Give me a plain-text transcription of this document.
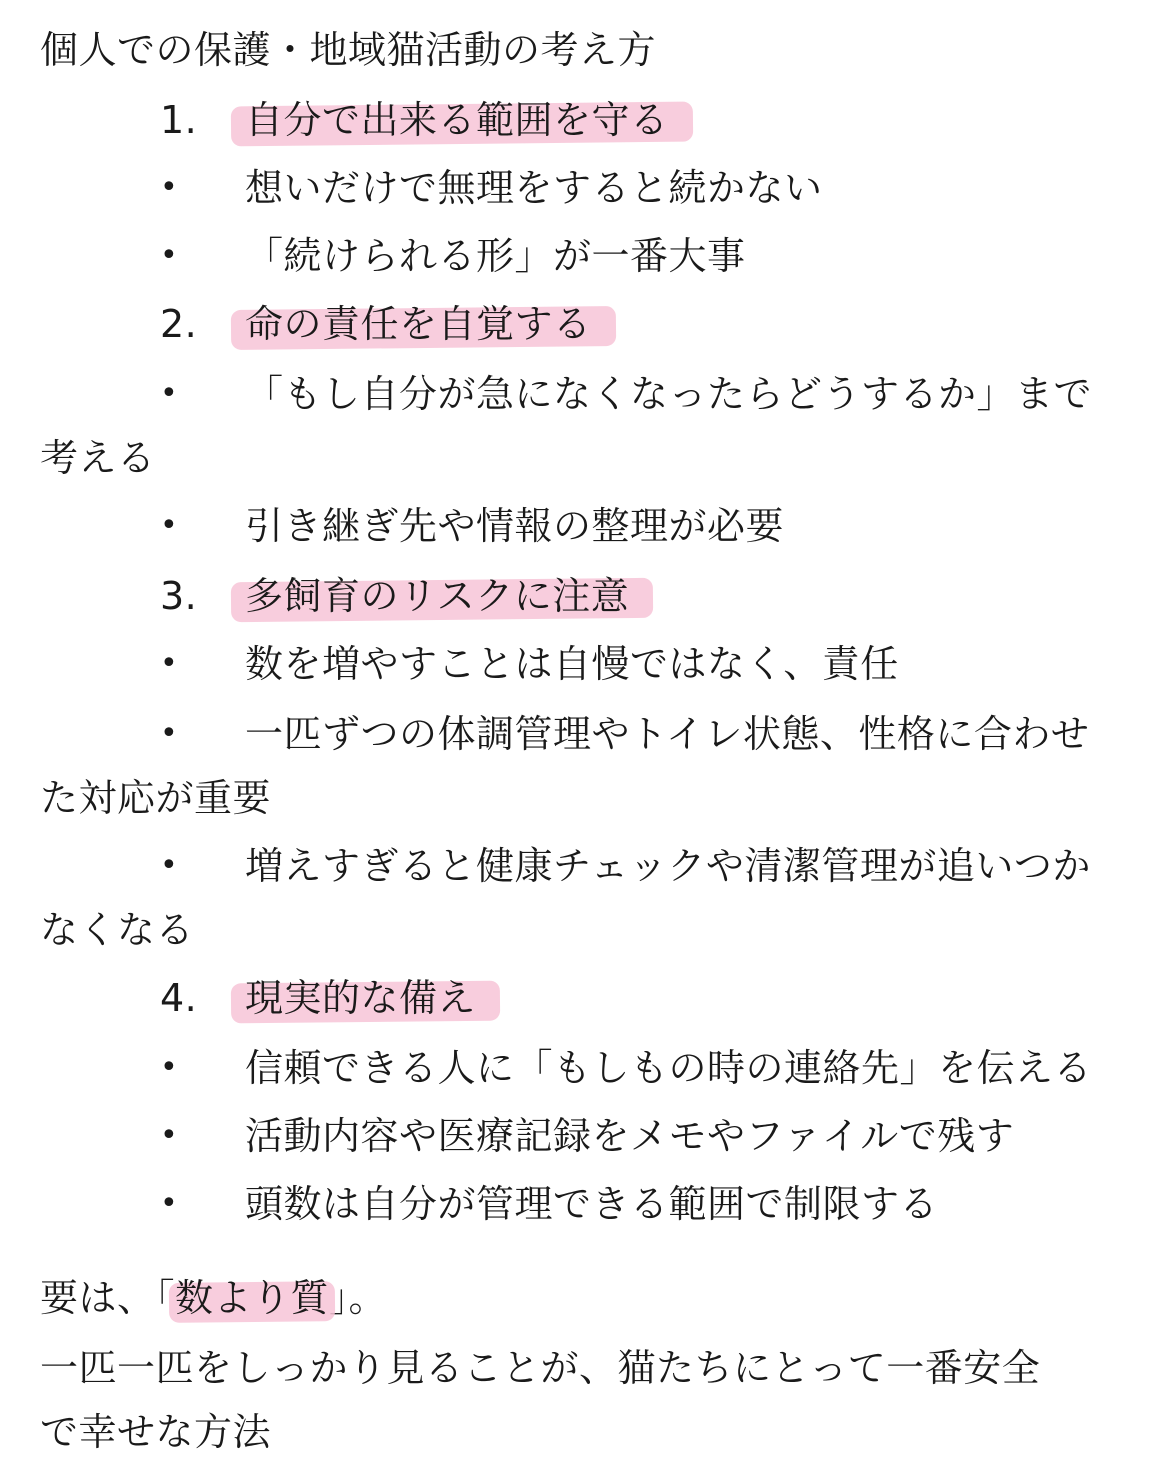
個人での保護・地域猫活動の考え方
1. 自分で出来る範囲を守る
• 想いだけで無理をすると続かない
• 「続けられる形」が一番大事
2. 命の責任を自覚する
• 「もし自分が急になくなったらどうするか」まで
考える
• 引き継ぎ先や情報の整理が必要
3. 多飼育のリスクに注意
• 数を増やすことは自慢ではなく、責任
• 一匹ずつの体調管理やトイレ状態、性格に合わせ
た対応が重要
• 増えすぎると健康チェックや清潔管理が追いつか
なくなる
4. 現実的な備え
• 信頼できる人に「もしもの時の連絡先」を伝える
• 活動内容や医療記録をメモやファイルで残す
• 頭数は自分が管理できる範囲で制限する
要は、「数より質」。
一匹一匹をしっかり見ることが、猫たちにとって一番安全
で幸せな方法
